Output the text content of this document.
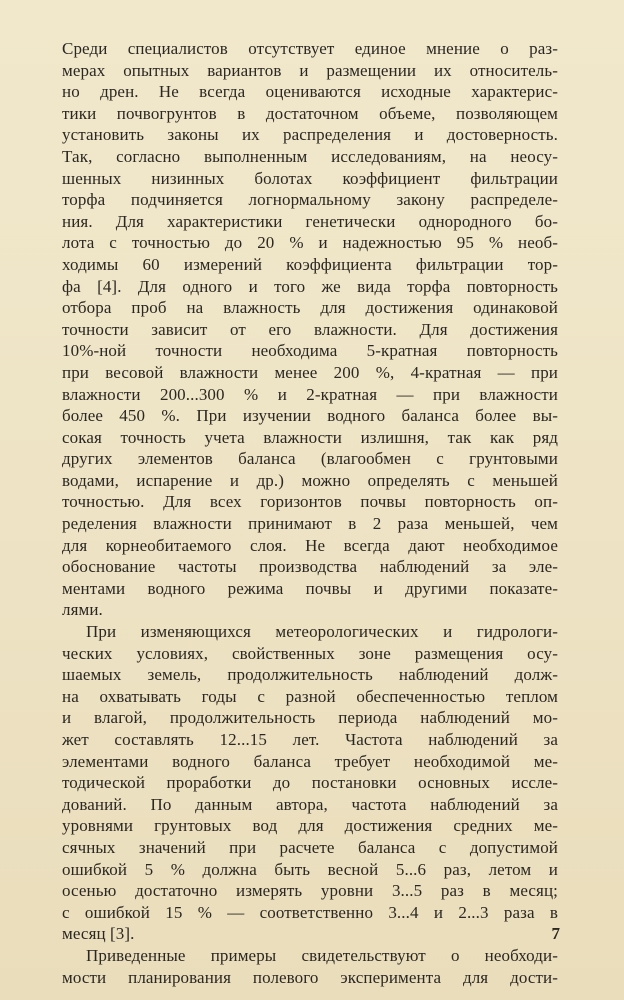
Среди специалистов отсутствует единое мнение о раз-
мерах опытных вариантов и размещении их относитель-
но дрен. Не всегда оцениваются исходные характерис-
тики почвогрунтов в достаточном объеме, позволяющем
установить законы их распределения и достоверность.
Так, согласно выполненным исследованиям, на неосу-
шенных низинных болотах коэффициент фильтрации
торфа подчиняется логнормальному закону распределе-
ния. Для характеристики генетически однородного бо-
лота с точностью до 20 % и надежностью 95 % необ-
ходимы 60 измерений коэффициента фильтрации тор-
фа [4]. Для одного и того же вида торфа повторность
отбора проб на влажность для достижения одинаковой
точности зависит от его влажности. Для достижения
10%-ной точности необходима 5-кратная повторность
при весовой влажности менее 200 %, 4-кратная — при
влажности 200...300 % и 2-кратная — при влажности
более 450 %. При изучении водного баланса более вы-
сокая точность учета влажности излишня, так как ряд
других элементов баланса (влагообмен с грунтовыми
водами, испарение и др.) можно определять с меньшей
точностью. Для всех горизонтов почвы повторность оп-
ределения влажности принимают в 2 раза меньшей, чем
для корнеобитаемого слоя. Не всегда дают необходимое
обоснование частоты производства наблюдений за эле-
ментами водного режима почвы и другими показате-
лями.
При изменяющихся метеорологических и гидрологи-
ческих условиях, свойственных зоне размещения осу-
шаемых земель, продолжительность наблюдений долж-
на охватывать годы с разной обеспеченностью теплом
и влагой, продолжительность периода наблюдений мо-
жет составлять 12...15 лет. Частота наблюдений за
элементами водного баланса требует необходимой ме-
тодической проработки до постановки основных иссле-
дований. По данным автора, частота наблюдений за
уровнями грунтовых вод для достижения средних ме-
сячных значений при расчете баланса с допустимой
ошибкой 5 % должна быть весной 5...6 раз, летом и
осенью достаточно измерять уровни 3...5 раз в месяц;
с ошибкой 15 % — соответственно 3...4 и 2...3 раза в
месяц [3].
Приведенные примеры свидетельствуют о необходи-
мости планирования полевого эксперимента для дости-
7
